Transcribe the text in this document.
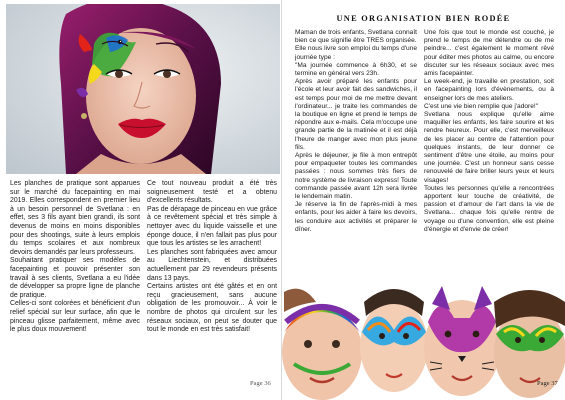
Les planches de pratique sont apparues sur le marché du facepainting en mai 2019. Elles correspondent en premier lieu à un besoin personnel de Svetlana : en effet, ses 3 fils ayant bien grandi, ils sont devenus de moins en moins disponibles pour des shootings, suite à leurs emplois du temps scolaires et aux nombreux devoirs demandés par leurs professeurs.

Souhaitant pratiquer ses modèles de facepainting et pouvoir présenter son travail à ses clients, Svetlana a eu l'idée de développer sa propre ligne de planche de pratique.

Celles-ci sont colorées et bénéficient d'un relief spécial sur leur surface, afin que le pinceau glisse parfaitement, même avec le plus doux mouvement!

Ce tout nouveau produit a été très soigneusement testé et a obtenu d'excellents résultats.

Pas de dérapage de pinceau en vue grâce à ce revêtement spécial et très simple à nettoyer avec du liquide vaisselle et une éponge douce, il n'en fallait pas plus pour que tous les artistes se les arrachent!

Les planches sont fabriquées avec amour au Liechtenstein, et distribuées actuellement par 29 revendeurs présents dans 13 pays.

Certains artistes ont été gâtés et en ont reçu gracieusement, sans aucune obligation de les promouvoir... À voir le nombre de photos qui circulent sur les réseaux sociaux, on peut se douter que tout le monde en est très satisfait!

Page 36
UNE ORGANISATION BIEN RODÉE

Maman de trois enfants, Svetlana connaît bien ce que signifie être TRES organisée.

Elle nous livre son emploi du temps d'une journée type :

"Ma journée commence à 6h30, et se termine en général vers 23h.

Après avoir préparé les enfants pour l'école et leur avoir fait des sandwiches, il est temps pour moi de me mettre devant l'ordinateur... je traite les commandes de la boutique en ligne et prend le temps de répondre aux e-mails. Cela m'occupe une grande partie de la matinée et il est déjà l'heure de manger avec mon plus jeune fils.

Après le déjeuner, je file à mon entrepôt pour empaqueter toutes les commandes passées : nous sommes très fiers de notre système de livraison express! Toute commande passée avant 12h sera livrée le lendemain matin.

Je réserve la fin de l'après-midi à mes enfants, pour les aider à faire les devoirs, les conduire aux activités et préparer le dîner.

Une fois que tout le monde est couché, je prend le temps de me détendre ou de me peindre... c'est également le moment rêvé pour éditer mes photos au calme, ou encore discuter sur les réseaux sociaux avec mes amis facepainter.

Le week-end, je travaille en prestation, soit en facepainting lors d'évènements, ou à enseigner lors de mes ateliers.

C'est une vie bien remplie que j'adore!"

Svetlana nous explique qu'elle aime maquiller les enfants, les faire sourire et les rendre heureux. Pour elle, c'est merveilleux de les placer au centre de l'attention pour quelques instants, de leur donner ce sentiment d'être une étoile, au moins pour une journée. C'est un honneur sans cesse renouvelé de faire briller leurs yeux et leurs visages!

Toutes les personnes qu'elle a rencontrées apportent leur touche de créativité, de passion et d'amour de l'art dans la vie de Svetlana... chaque fois qu'elle rentre de voyage ou d'une convention, elle est pleine d'énergie et d'envie de créer!

Page 37
